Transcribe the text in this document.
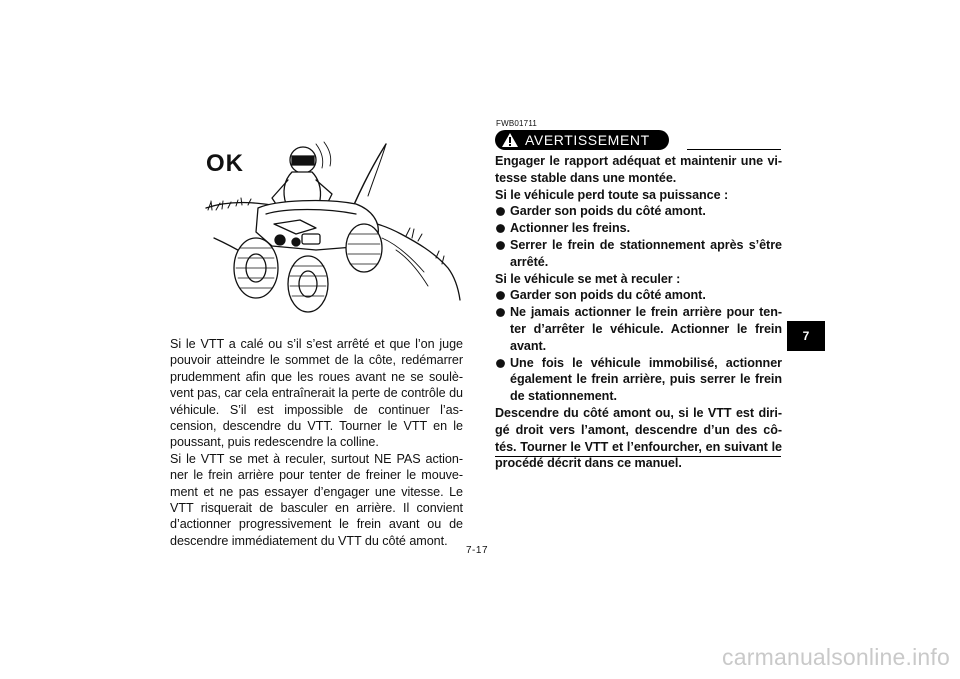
OK

Si le VTT a calé ou s’il s’est arrêté et que l’on juge pouvoir atteindre le sommet de la côte, redémarrer prudemment afin que les roues avant ne se soulè-vent pas, car cela entraînerait la perte de contrôle du véhicule. S’il est impossible de continuer l’as-cension, descendre du VTT. Tourner le VTT en le poussant, puis redescendre la colline.

Si le VTT se met à reculer, surtout NE PAS action-ner le frein arrière pour tenter de freiner le mouve-ment et ne pas essayer d’engager une vitesse. Le VTT risquerait de basculer en arrière. Il convient d’actionner progressivement le frein avant ou de descendre immédiatement du VTT du côté amont.

7-17
FWB01711
AVERTISSEMENT

Engager le rapport adéquat et maintenir une vi-tesse stable dans une montée.

Si le véhicule perd toute sa puissance :

Garder son poids du côté amont.
Actionner les freins.
Serrer le frein de stationnement après s’être arrêté.

Si le véhicule se met à reculer :

Garder son poids du côté amont.
Ne jamais actionner le frein arrière pour ten-ter d’arrêter le véhicule. Actionner le frein avant.
Une fois le véhicule immobilisé, actionner également le frein arrière, puis serrer le frein de stationnement.

Descendre du côté amont ou, si le VTT est diri-gé droit vers l’amont, descendre d’un des cô-tés. Tourner le VTT et l’enfourcher, en suivant le procédé décrit dans ce manuel.

7
carmanualsonline.info
